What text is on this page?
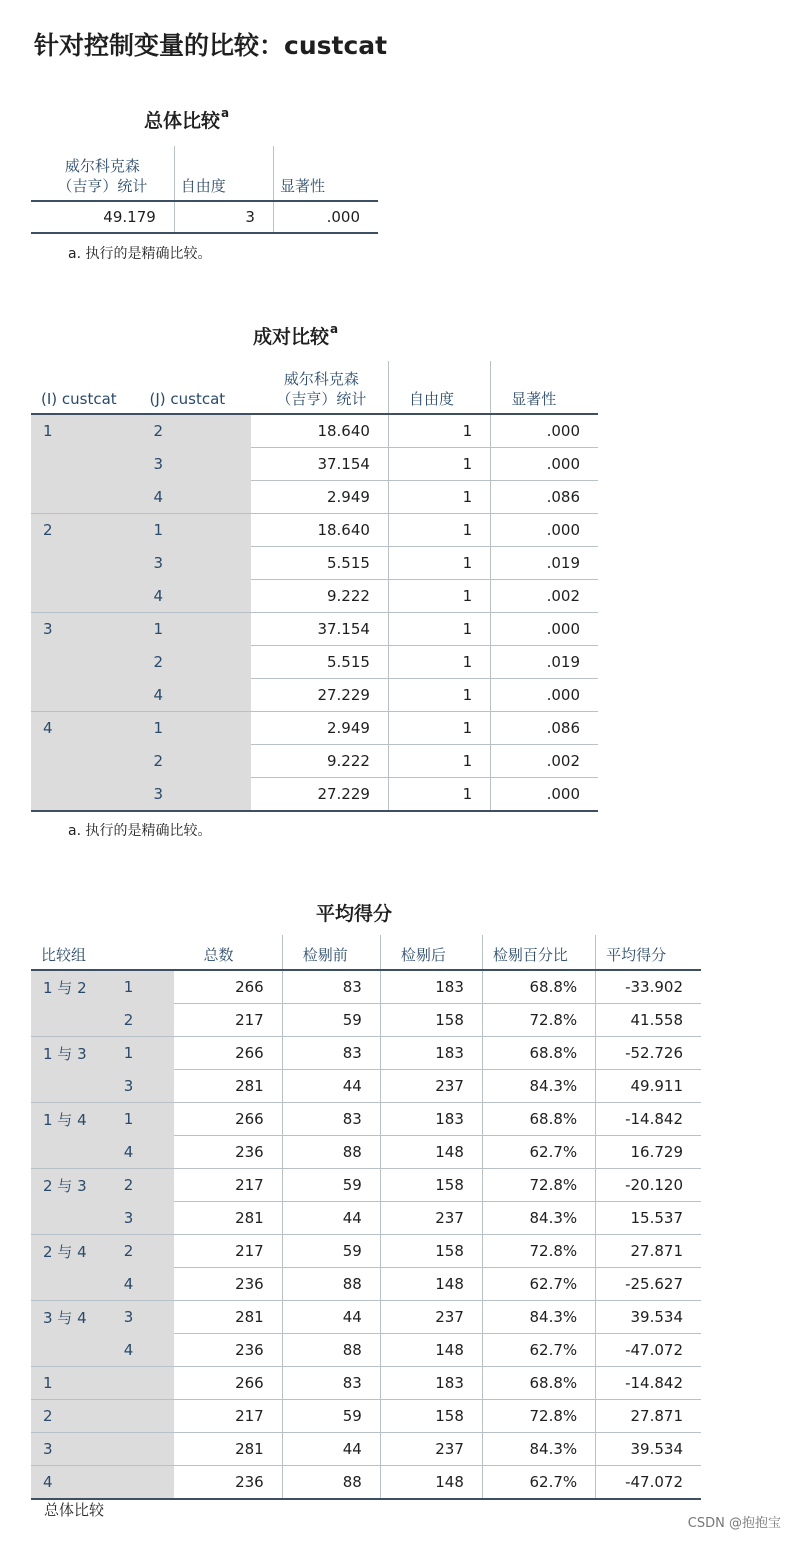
针对控制变量的比较：custcat
总体比较$^a$
威尔科克森
（吉亨）统计	自由度	显著性
49.179	3	.000
a. 执行的是精确比较。
成对比较$^a$
(I) custcat	(J) custcat	威尔科克森
（吉亨）统计	自由度	显著性
1	2	18.640	1	.000
	3	37.154	1	.000
	4	2.949	1	.086
2	1	18.640	1	.000
	3	5.515	1	.019
	4	9.222	1	.002
3	1	37.154	1	.000
	2	5.515	1	.019
	4	27.229	1	.000
4	1	2.949	1	.086
	2	9.222	1	.002
	3	27.229	1	.000
a. 执行的是精确比较。
平均得分
比较组		总数	检剔前	检剔后	检剔百分比	平均得分
1 与 2	1	266	83	183	68.8%	-33.902
	2	217	59	158	72.8%	41.558
1 与 3	1	266	83	183	68.8%	-52.726
	3	281	44	237	84.3%	49.911
1 与 4	1	266	83	183	68.8%	-14.842
	4	236	88	148	62.7%	16.729
2 与 3	2	217	59	158	72.8%	-20.120
	3	281	44	237	84.3%	15.537
2 与 4	2	217	59	158	72.8%	27.871
	4	236	88	148	62.7%	-25.627
3 与 4	3	281	44	237	84.3%	39.534
	4	236	88	148	62.7%	-47.072
1		266	83	183	68.8%	-14.842
2		217	59	158	72.8%	27.871
3		281	44	237	84.3%	39.534
4		236	88	148	62.7%	-47.072
总体比较
CSDN @抱抱宝
